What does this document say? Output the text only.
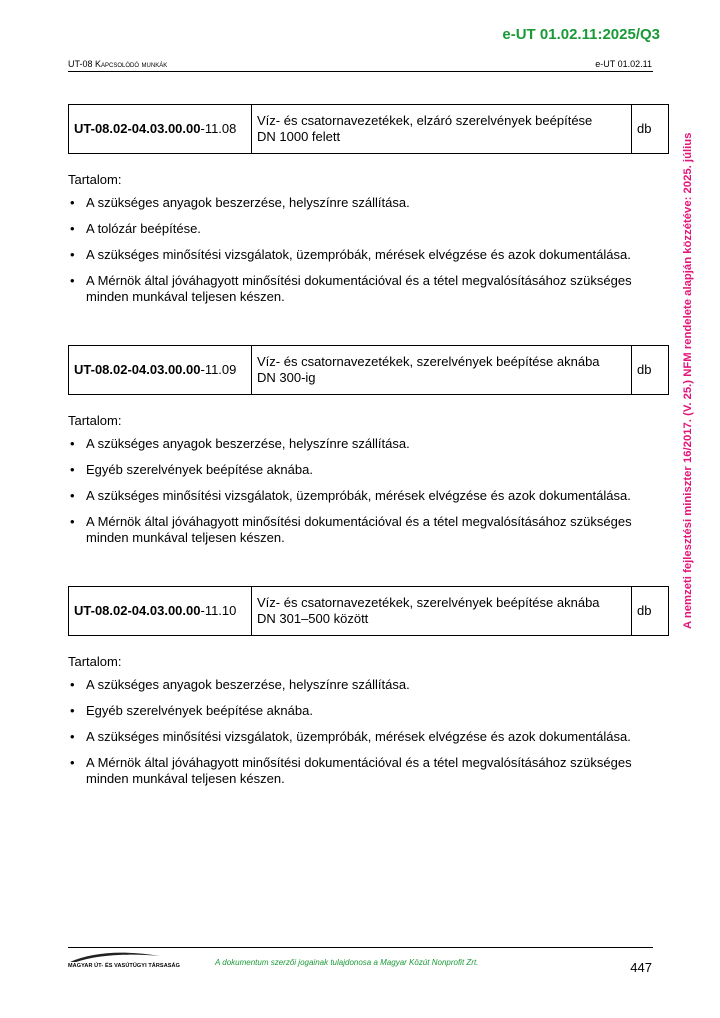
e-UT 01.02.11:2025/Q3
UT-08 Kapcsolódó munkák	e-UT 01.02.11
A nemzeti fejlesztési miniszter 16/2017. (V. 25.) NFM rendelete alapján közzétéve: 2025. július
UT-08.02-04.03.00.00-11.08	Víz- és csatornavezetékek, elzáró szerelvények beépítése
DN 1000 felett	db

Tartalom:

• A szükséges anyagok beszerzése, helyszínre szállítása.
• A tolózár beépítése.
• A szükséges minősítési vizsgálatok, üzempróbák, mérések elvégzése és azok dokumentálása.
• A Mérnök által jóváhagyott minősítési dokumentációval és a tétel megvalósításához szükséges minden munkával teljesen készen.
UT-08.02-04.03.00.00-11.09	Víz- és csatornavezetékek, szerelvények beépítése aknába
DN 300-ig	db

Tartalom:

• A szükséges anyagok beszerzése, helyszínre szállítása.
• Egyéb szerelvények beépítése aknába.
• A szükséges minősítési vizsgálatok, üzempróbák, mérések elvégzése és azok dokumentálása.
• A Mérnök által jóváhagyott minősítési dokumentációval és a tétel megvalósításához szükséges minden munkával teljesen készen.
UT-08.02-04.03.00.00-11.10	Víz- és csatornavezetékek, szerelvények beépítése aknába
DN 301–500 között	db

Tartalom:

• A szükséges anyagok beszerzése, helyszínre szállítása.
• Egyéb szerelvények beépítése aknába.
• A szükséges minősítési vizsgálatok, üzempróbák, mérések elvégzése és azok dokumentálása.
• A Mérnök által jóváhagyott minősítési dokumentációval és a tétel megvalósításához szükséges minden munkával teljesen készen.
MAGYAR ÚT- ÉS VASÚTÜGYI TÁRSASÁG	A dokumentum szerzői jogainak tulajdonosa a Magyar Közút Nonprofit Zrt.	447
